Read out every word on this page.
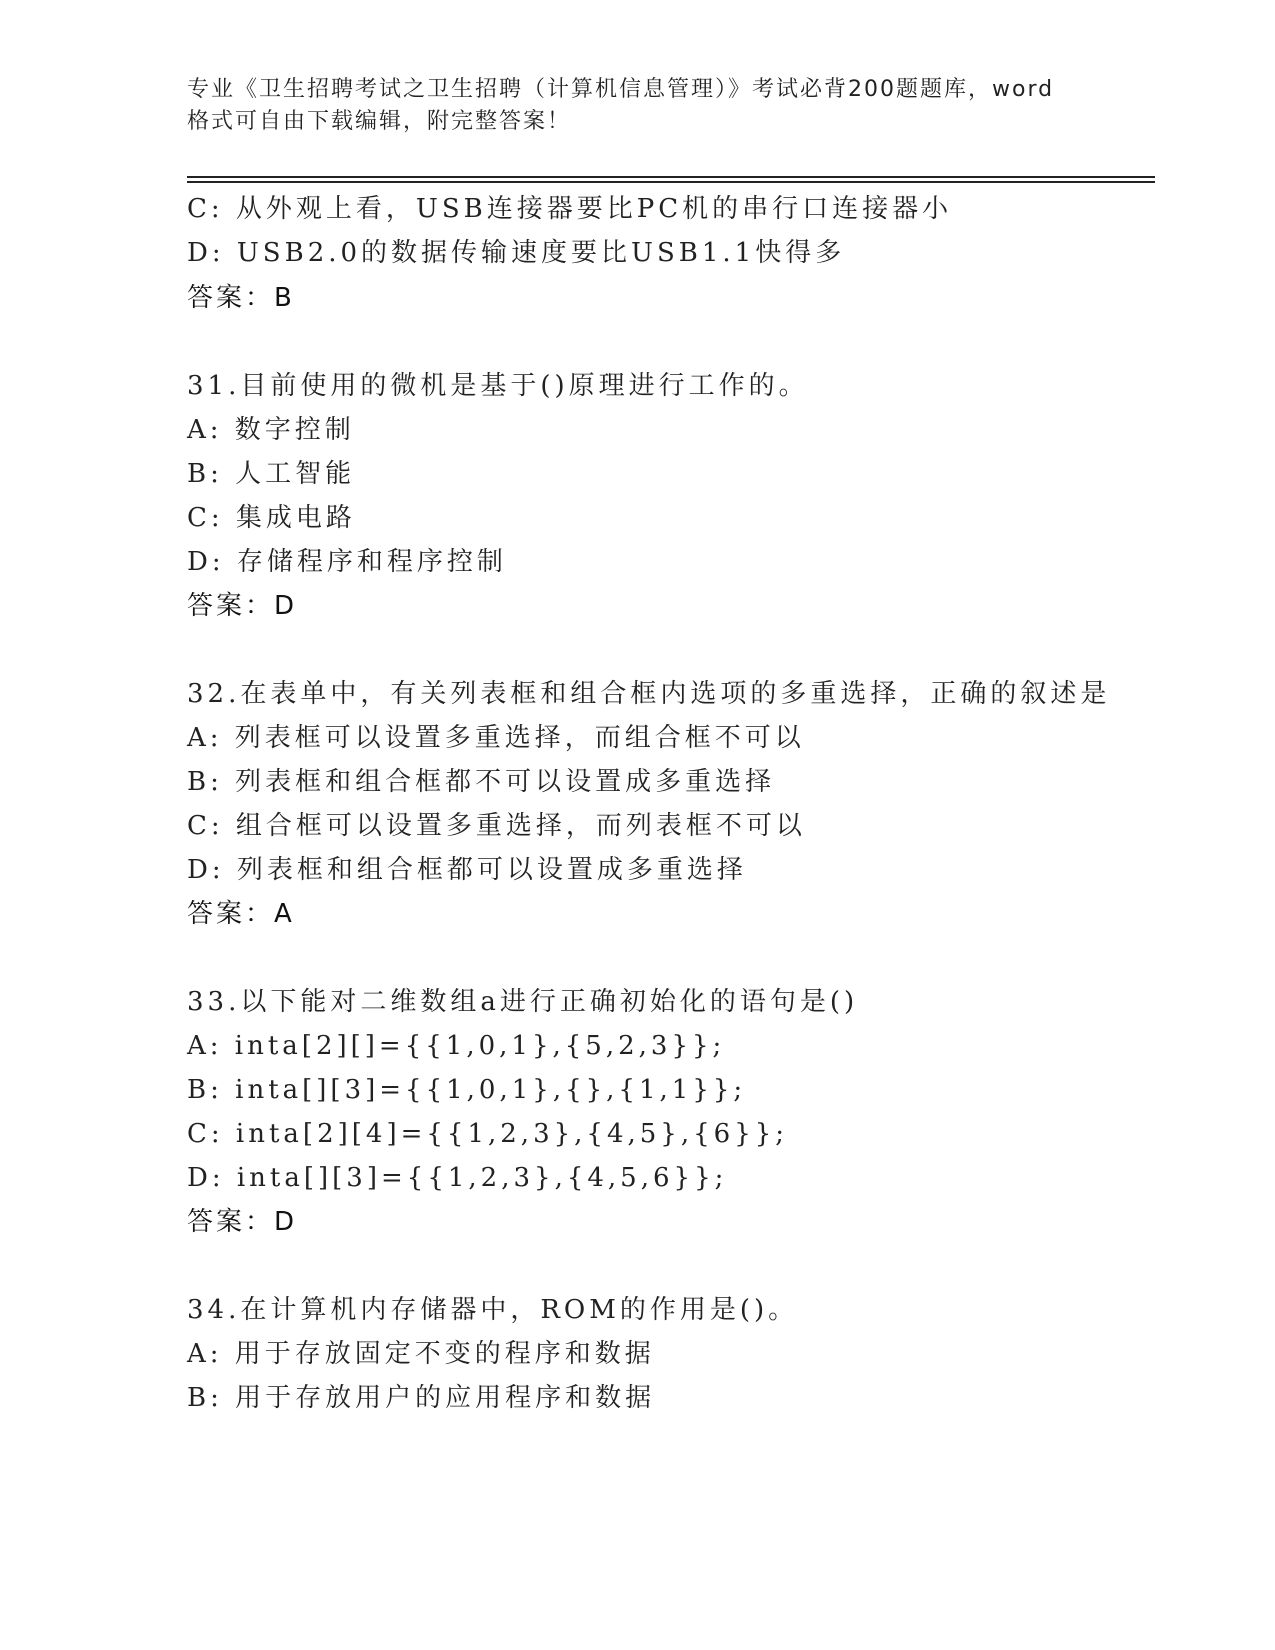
专业《卫生招聘考试之卫生招聘（计算机信息管理）》考试必背200题题库，word
格式可自由下载编辑，附完整答案！
C: 从外观上看，USB连接器要比PC机的串行口连接器小
D: USB2.0的数据传输速度要比USB1.1快得多
答案：B
31.目前使用的微机是基于()原理进行工作的。
A: 数字控制
B: 人工智能
C: 集成电路
D: 存储程序和程序控制
答案：D
32.在表单中，有关列表框和组合框内选项的多重选择，正确的叙述是
A: 列表框可以设置多重选择，而组合框不可以
B: 列表框和组合框都不可以设置成多重选择
C: 组合框可以设置多重选择，而列表框不可以
D: 列表框和组合框都可以设置成多重选择
答案：A
33.以下能对二维数组a进行正确初始化的语句是()
A: inta[2][]={{1,0,1},{5,2,3}};
B: inta[][3]={{1,0,1},{},{1,1}};
C: inta[2][4]={{1,2,3},{4,5},{6}};
D: inta[][3]={{1,2,3},{4,5,6}};
答案：D
34.在计算机内存储器中，ROM的作用是()。
A: 用于存放固定不变的程序和数据
B: 用于存放用户的应用程序和数据
